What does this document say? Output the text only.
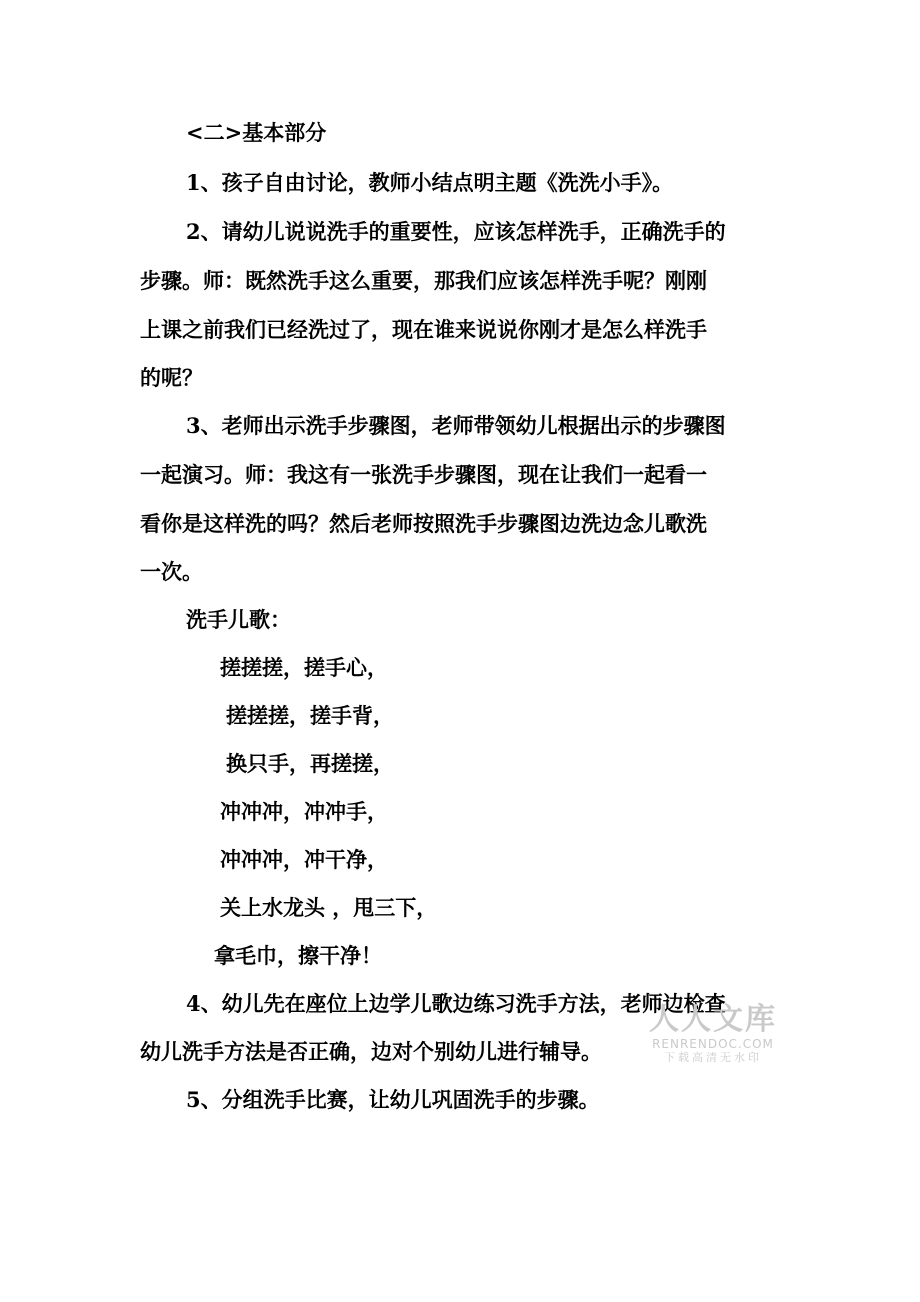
<二>基本部分
1、孩子自由讨论，教师小结点明主题《洗洗小手》。
2、请幼儿说说洗手的重要性，应该怎样洗手，正确洗手的
步骤。师：既然洗手这么重要，那我们应该怎样洗手呢？刚刚
上课之前我们已经洗过了，现在谁来说说你刚才是怎么样洗手
的呢？
3、老师出示洗手步骤图，老师带领幼儿根据出示的步骤图
一起演习。师：我这有一张洗手步骤图，现在让我们一起看一
看你是这样洗的吗？然后老师按照洗手步骤图边洗边念儿歌洗
一次。
洗手儿歌：
搓搓搓，搓手心，
搓搓搓，搓手背，
换只手，再搓搓，
冲冲冲，冲冲手，
冲冲冲，冲干净，
关上水龙头 ，甩三下，
拿毛巾，擦干净！
4、幼儿先在座位上边学儿歌边练习洗手方法，老师边检查
幼儿洗手方法是否正确，边对个别幼儿进行辅导。
5、分组洗手比赛，让幼儿巩固洗手的步骤。
人人文库
RENRENDOC.COM
下载高清无水印
